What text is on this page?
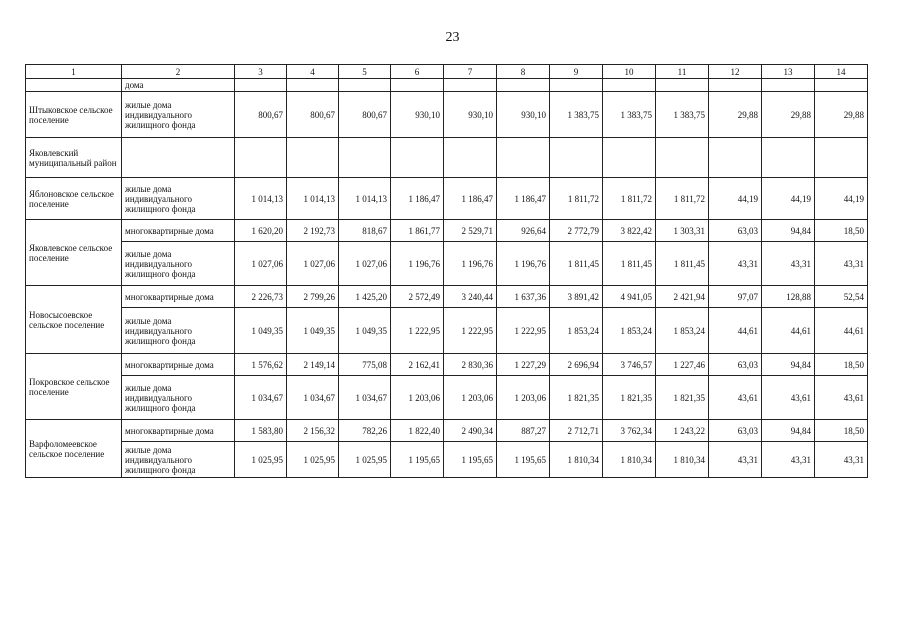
23
1	2	3	4	5	6	7	8	9	10	11	12	13	14
	дома												
Штыковское сельское поселение	жилые дома индивидуального жилищного фонда	800,67	800,67	800,67	930,10	930,10	930,10	1 383,75	1 383,75	1 383,75	29,88	29,88	29,88
Яковлевский муниципальный район													
Яблоновское сельское поселение	жилые дома индивидуального жилищного фонда	1 014,13	1 014,13	1 014,13	1 186,47	1 186,47	1 186,47	1 811,72	1 811,72	1 811,72	44,19	44,19	44,19
Яковлевское сельское поселение	многоквартирные дома	1 620,20	2 192,73	818,67	1 861,77	2 529,71	926,64	2 772,79	3 822,42	1 303,31	63,03	94,84	18,50
	жилые дома индивидуального жилищного фонда	1 027,06	1 027,06	1 027,06	1 196,76	1 196,76	1 196,76	1 811,45	1 811,45	1 811,45	43,31	43,31	43,31
Новосысоевское сельское поселение	многоквартирные дома	2 226,73	2 799,26	1 425,20	2 572,49	3 240,44	1 637,36	3 891,42	4 941,05	2 421,94	97,07	128,88	52,54
	жилые дома индивидуального жилищного фонда	1 049,35	1 049,35	1 049,35	1 222,95	1 222,95	1 222,95	1 853,24	1 853,24	1 853,24	44,61	44,61	44,61
Покровское сельское поселение	многоквартирные дома	1 576,62	2 149,14	775,08	2 162,41	2 830,36	1 227,29	2 696,94	3 746,57	1 227,46	63,03	94,84	18,50
	жилые дома индивидуального жилищного фонда	1 034,67	1 034,67	1 034,67	1 203,06	1 203,06	1 203,06	1 821,35	1 821,35	1 821,35	43,61	43,61	43,61
Варфоломеевское сельское поселение	многоквартирные дома	1 583,80	2 156,32	782,26	1 822,40	2 490,34	887,27	2 712,71	3 762,34	1 243,22	63,03	94,84	18,50
	жилые дома индивидуального жилищного фонда	1 025,95	1 025,95	1 025,95	1 195,65	1 195,65	1 195,65	1 810,34	1 810,34	1 810,34	43,31	43,31	43,31
